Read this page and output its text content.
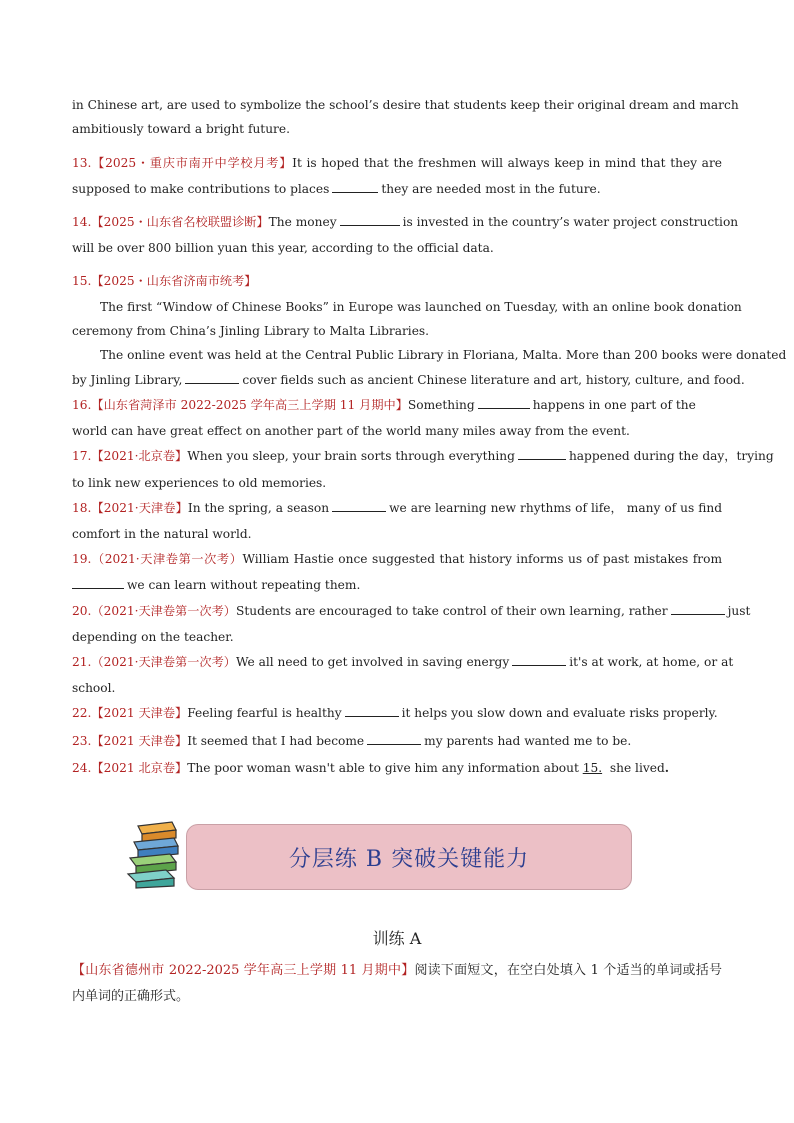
in Chinese art, are used to symbolize the school’s desire that students keep their original dream and march
ambitiously toward a bright future.
13.【2025・重庆市南开中学校月考】It is hoped that the freshmen will always keep in mind that they are
supposed to make contributions to places	they are needed most in the future.
14.【2025・山东省名校联盟诊断】The money	is invested in the country’s water project construction
will be over 800 billion yuan this year, according to the official data.
15.【2025・山东省济南市统考】
The first “Window of Chinese Books” in Europe was launched on Tuesday, with an online book donation
ceremony from China’s Jinling Library to Malta Libraries.
The online event was held at the Central Public Library in Floriana, Malta. More than 200 books were donated
by Jinling Library,	cover fields such as ancient Chinese literature and art, history, culture, and food.
16.【山东省菏泽市 2022-2025 学年高三上学期 11 月期中】Something	happens in one part of the
world can have great effect on another part of the world many miles away from the event.
17.【2021·北京卷】When you sleep, your brain sorts through everything	happened during the day，trying
to link new experiences to old memories.
18.【2021·天津卷】In the spring, a season	we are learning new rhythms of life， many of us find
comfort in the natural world.
19.（2021·天津卷第一次考）William Hastie once suggested that history informs us of past mistakes from
we can learn without repeating them.
20.（2021·天津卷第一次考）Students are encouraged to take control of their own learning, rather	just
depending on the teacher.
21.（2021·天津卷第一次考）We all need to get involved in saving energy	it's at work, at home, or at
school.
22.【2021 天津卷】Feeling fearful is healthy	it helps you slow down and evaluate risks properly.
23.【2021 天津卷】It seemed that I had become	my parents had wanted me to be.
24.【2021 北京卷】The poor woman wasn't able to give him any information about 15. she lived.
分层练 B 突破关键能力
训练 A
【山东省德州市 2022-2025 学年高三上学期 11 月期中】阅读下面短文，在空白处填入 1 个适当的单词或括号内单词的正确形式。
